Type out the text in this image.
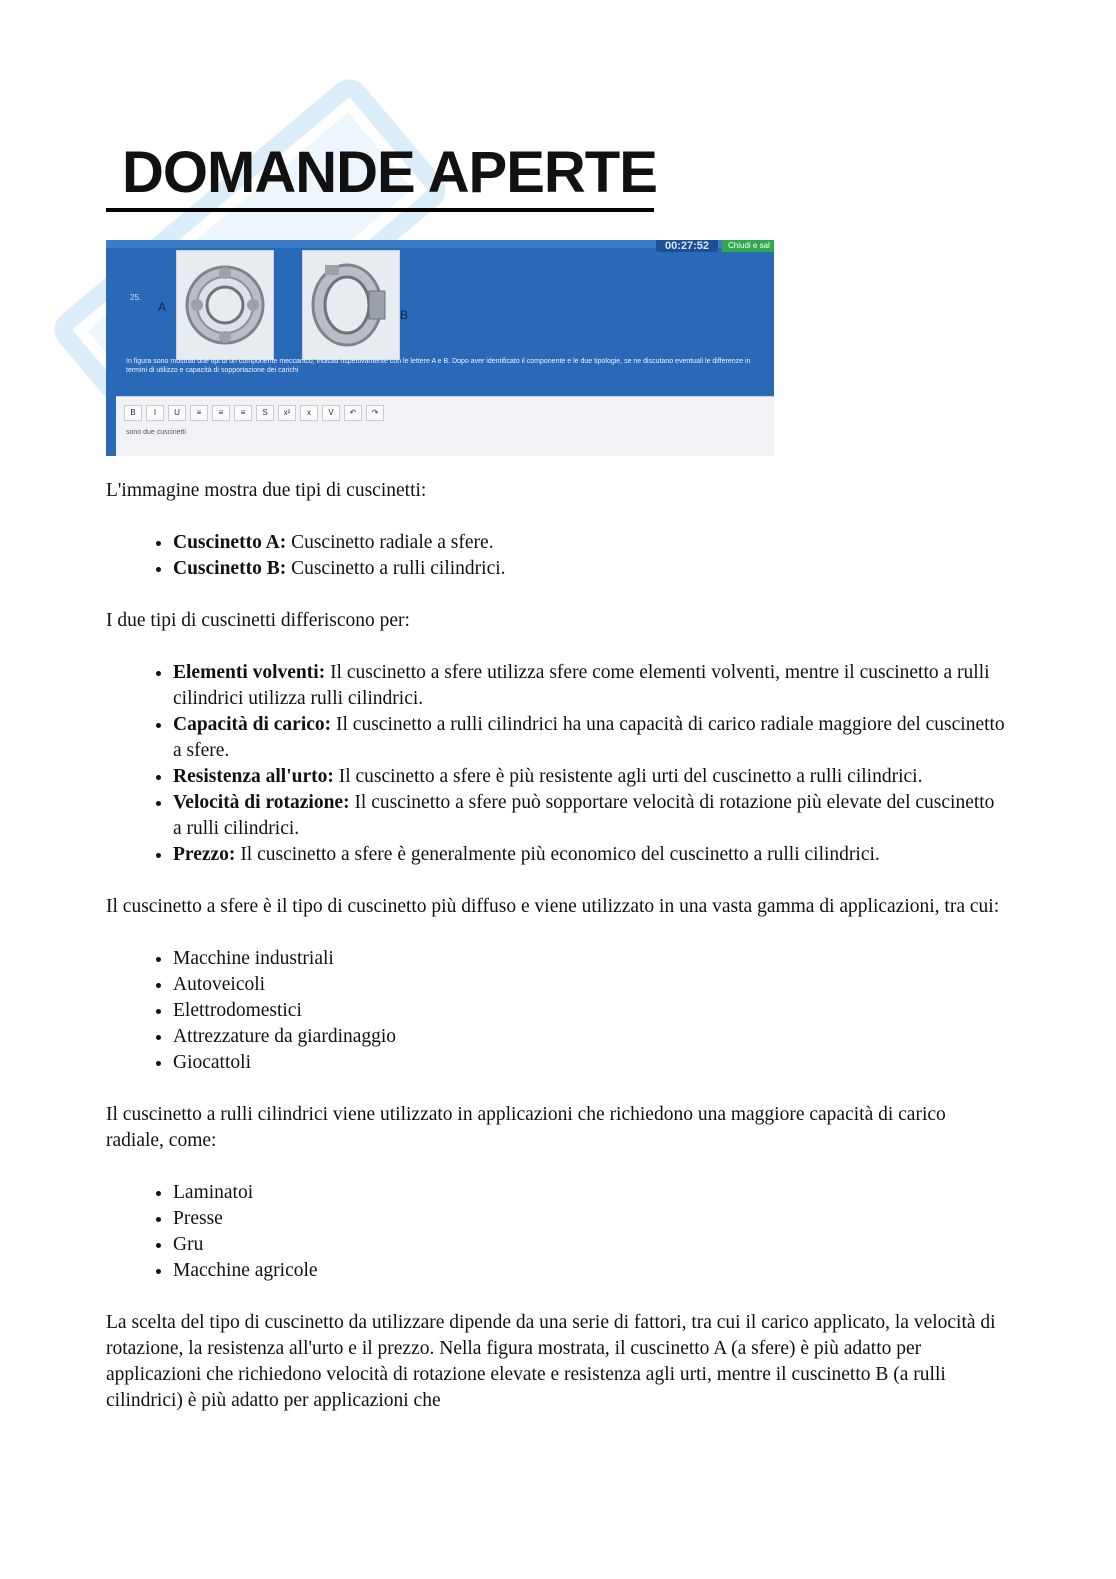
DOMANDE APERTE
00:27:52	Chiudi e sal
25.
A
B
In figura sono mostrati due tipi di un componente meccanico, indicati rispettivamente con le lettere A e B. Dopo aver identificato il componente e le due tipologie, se ne discutano eventuali le differenze in termini di utilizzo e capacità di sopportazione dei carichi
B	I	U	≡	≡	≡	S	x²	x	V	↶	↷
sono due cuscinetti

L'immagine mostra due tipi di cuscinetti:

• Cuscinetto A: Cuscinetto radiale a sfere.
• Cuscinetto B: Cuscinetto a rulli cilindrici.

I due tipi di cuscinetti differiscono per:

• Elementi volventi: Il cuscinetto a sfere utilizza sfere come elementi volventi, mentre il cuscinetto a rulli cilindrici utilizza rulli cilindrici.
• Capacità di carico: Il cuscinetto a rulli cilindrici ha una capacità di carico radiale maggiore del cuscinetto a sfere.
• Resistenza all'urto: Il cuscinetto a sfere è più resistente agli urti del cuscinetto a rulli cilindrici.
• Velocità di rotazione: Il cuscinetto a sfere può sopportare velocità di rotazione più elevate del cuscinetto a rulli cilindrici.
• Prezzo: Il cuscinetto a sfere è generalmente più economico del cuscinetto a rulli cilindrici.

Il cuscinetto a sfere è il tipo di cuscinetto più diffuso e viene utilizzato in una vasta gamma di applicazioni, tra cui:

• Macchine industriali
• Autoveicoli
• Elettrodomestici
• Attrezzature da giardinaggio
• Giocattoli

Il cuscinetto a rulli cilindrici viene utilizzato in applicazioni che richiedono una maggiore capacità di carico radiale, come:

• Laminatoi
• Presse
• Gru
• Macchine agricole

La scelta del tipo di cuscinetto da utilizzare dipende da una serie di fattori, tra cui il carico applicato, la velocità di rotazione, la resistenza all'urto e il prezzo. Nella figura mostrata, il cuscinetto A (a sfere) è più adatto per applicazioni che richiedono velocità di rotazione elevate e resistenza agli urti, mentre il cuscinetto B (a rulli cilindrici) è più adatto per applicazioni che
